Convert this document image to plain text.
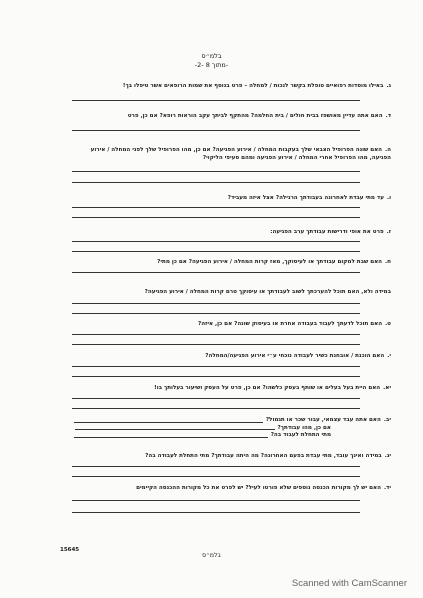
בלמ״ס
-2- מתוך 8-
ג.באילו מוסדות רפואיים טופלת בקשר לנכות / למחלה – פרט בנוסף את שמות הרופאים אשר טיפלו בך!
ד.האם אתה עדיין מאושפז בבית חולים / בית החלמה? מהתקף לביתך עקב הוראות רופא? אם כן, פרט
ה.האם שונה הפרופיל הצבאי שלך בעקבות המחלה / אירוע הפגיעה? אם כן, מהו הפרופיל שלך לפני המחלה / אירוע הפגיעה, מהו הפרופיל אחרי המחלה / אירוע הפגיעה ומהם סעיפי הליקוי?
ו.עד מתי עבדת לאחרונה בעבודתך הרגילה? אצל איזה מעביד?
ז.פרט את אופי ודרישות עבודתך ערב הפגיעה:
ח.האם שבת למקום עבודתך או לעיסוקך, מאז קרות המחלה / אירוע הפגיעה? אם כן מתי?
במידה ולא, האם תוכל להערכתך לשוב לעבודתך או עיסוקך טרם קרות המחלה / אירוע הפגיעה?
ט.האם תוכל לדעתך לעבוד בעבודה אחרת או בעיסוק שונה? אם כן, איזה?
י.האם הוכנת / אובחנת כשיר לעבודה נוכחי ע״י אירוע הפגיעה/המחלה?
יא.האם היית בעל בעלים או שותף בעסק כלשהו? אם כן, פרט על העסק ושיעור בעלותך בו!
יב.
האם אתה עבד עצמאי, עבור שכר או תגמול?
אם כן, מהו עבודתך?
מתי התחלת לעבוד בה?
יג.במידה ואינך עובד, מתי עבדת בפעם האחרונה? מה היתה עבודתך? מתי התחלת לעבודה בה?
יד.האם יש לך מקורות הכנסה נוספים שלא פורטו לעיל? יש לפרט את כל מקורות ההכנסה הקיימים
15645
בלמ״ס
Scanned with CamScanner
